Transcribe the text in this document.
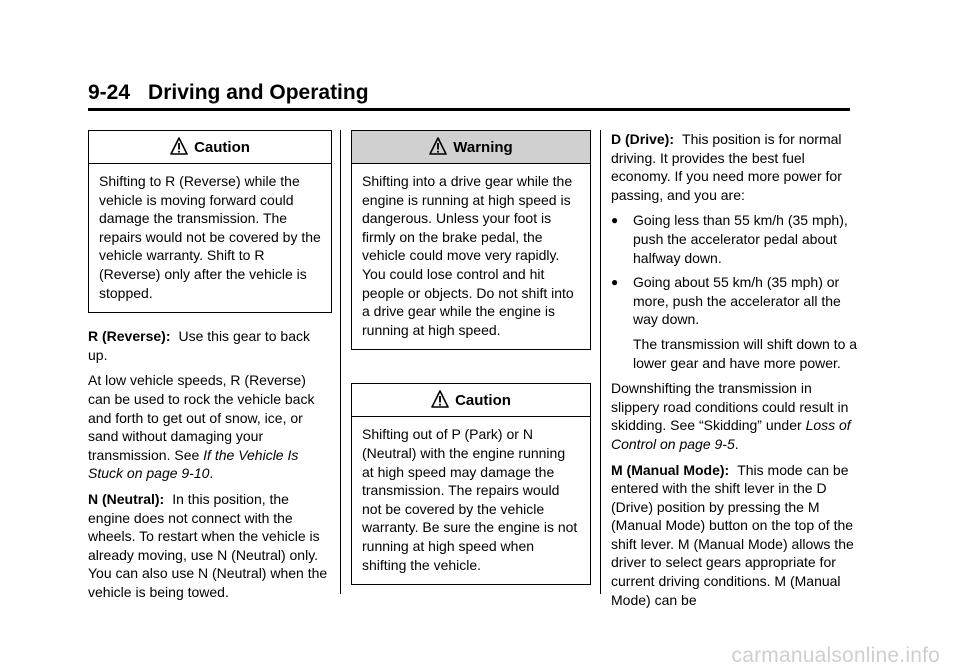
9-24 Driving and Operating
Caution
Shifting to R (Reverse) while the vehicle is moving forward could damage the transmission. The repairs would not be covered by the vehicle warranty. Shift to R (Reverse) only after the vehicle is stopped.

R (Reverse): Use this gear to back up.

At low vehicle speeds, R (Reverse) can be used to rock the vehicle back and forth to get out of snow, ice, or sand without damaging your transmission. See If the Vehicle Is Stuck on page 9-10.

N (Neutral): In this position, the engine does not connect with the wheels. To restart when the vehicle is already moving, use N (Neutral) only. You can also use N (Neutral) when the vehicle is being towed.

Warning
Shifting into a drive gear while the engine is running at high speed is dangerous. Unless your foot is firmly on the brake pedal, the vehicle could move very rapidly. You could lose control and hit people or objects. Do not shift into a drive gear while the engine is running at high speed.
Caution
Shifting out of P (Park) or N (Neutral) with the engine running at high speed may damage the transmission. The repairs would not be covered by the vehicle warranty. Be sure the engine is not running at high speed when shifting the vehicle.

D (Drive): This position is for normal driving. It provides the best fuel economy. If you need more power for passing, and you are:

●	Going less than 55 km/h (35 mph), push the accelerator pedal about halfway down.
●	Going about 55 km/h (35 mph) or more, push the accelerator all the way down.

The transmission will shift down to a lower gear and have more power.

Downshifting the transmission in slippery road conditions could result in skidding. See “Skidding” under Loss of Control on page 9-5.

M (Manual Mode): This mode can be entered with the shift lever in the D (Drive) position by pressing the M (Manual Mode) button on the top of the shift lever. M (Manual Mode) allows the driver to select gears appropriate for current driving conditions. M (Manual Mode) can be

carmanualsonline.info
